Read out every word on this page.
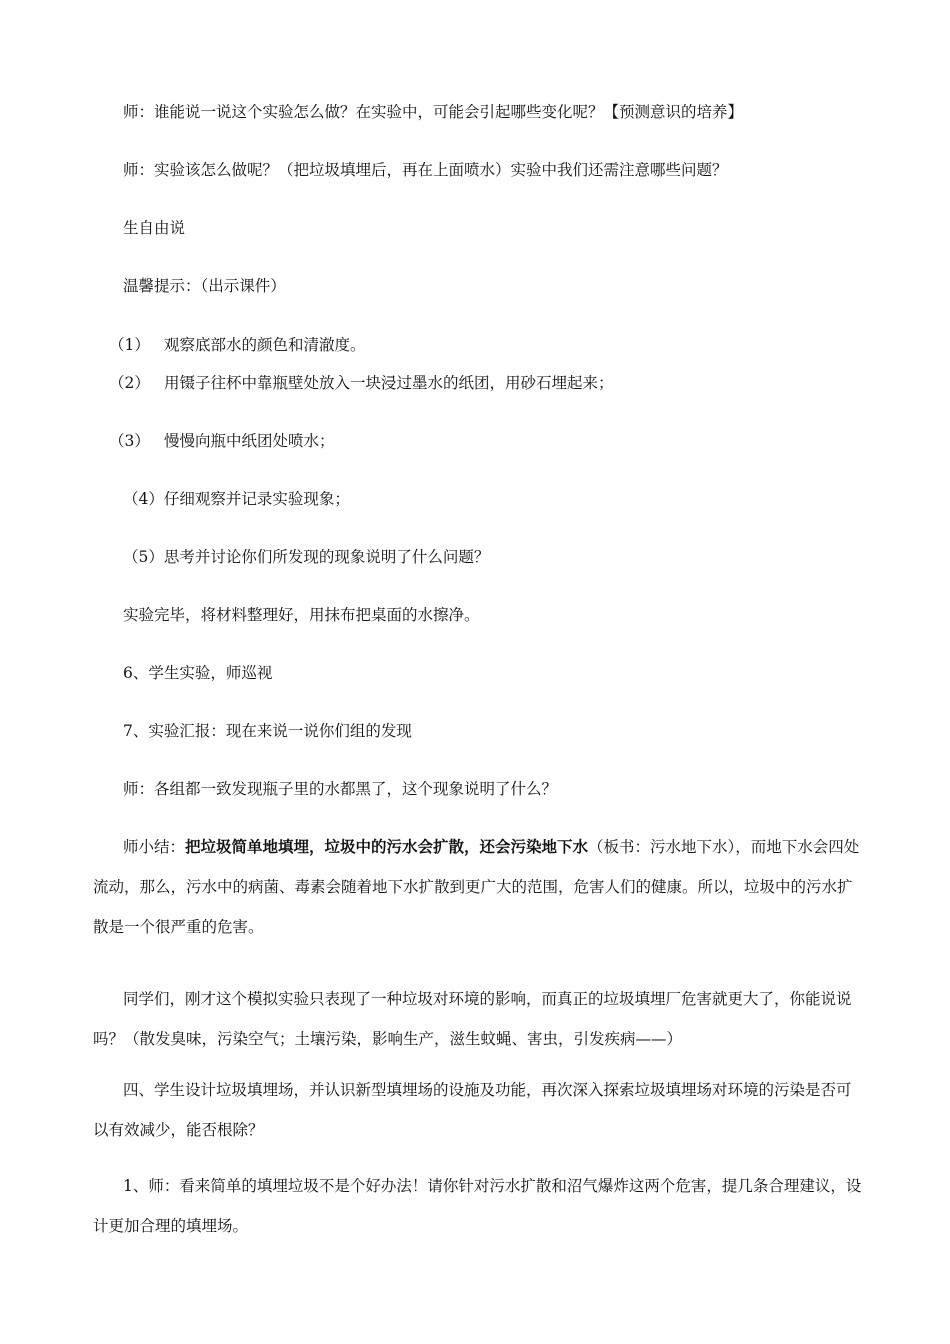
师：谁能说一说这个实验怎么做？在实验中，可能会引起哪些变化呢？【预测意识的培养】
师：实验该怎么做呢？（把垃圾填埋后，再在上面喷水）实验中我们还需注意哪些问题？
生自由说
温馨提示：（出示课件）
（1） 观察底部水的颜色和清澈度。
（2） 用镊子往杯中靠瓶壁处放入一块浸过墨水的纸团，用砂石埋起来；
（3） 慢慢向瓶中纸团处喷水；
（4）仔细观察并记录实验现象；
（5）思考并讨论你们所发现的现象说明了什么问题？
实验完毕，将材料整理好，用抹布把桌面的水擦净。
6、学生实验，师巡视
7、实验汇报：现在来说一说你们组的发现
师：各组都一致发现瓶子里的水都黑了，这个现象说明了什么？
师小结：把垃圾简单地填埋，垃圾中的污水会扩散，还会污染地下水（板书：污水地下水），而地下水会四处流动，那么，污水中的病菌、毒素会随着地下水扩散到更广大的范围，危害人们的健康。所以，垃圾中的污水扩散是一个很严重的危害。
同学们，刚才这个模拟实验只表现了一种垃圾对环境的影响，而真正的垃圾填埋厂危害就更大了，你能说说吗？（散发臭味，污染空气；土壤污染，影响生产，滋生蚊蝇、害虫，引发疾病——）
四、学生设计垃圾填埋场，并认识新型填埋场的设施及功能，再次深入探索垃圾填埋场对环境的污染是否可以有效减少，能否根除？
1、师：看来简单的填埋垃圾不是个好办法！请你针对污水扩散和沼气爆炸这两个危害，提几条合理建议，设计更加合理的填埋场。
